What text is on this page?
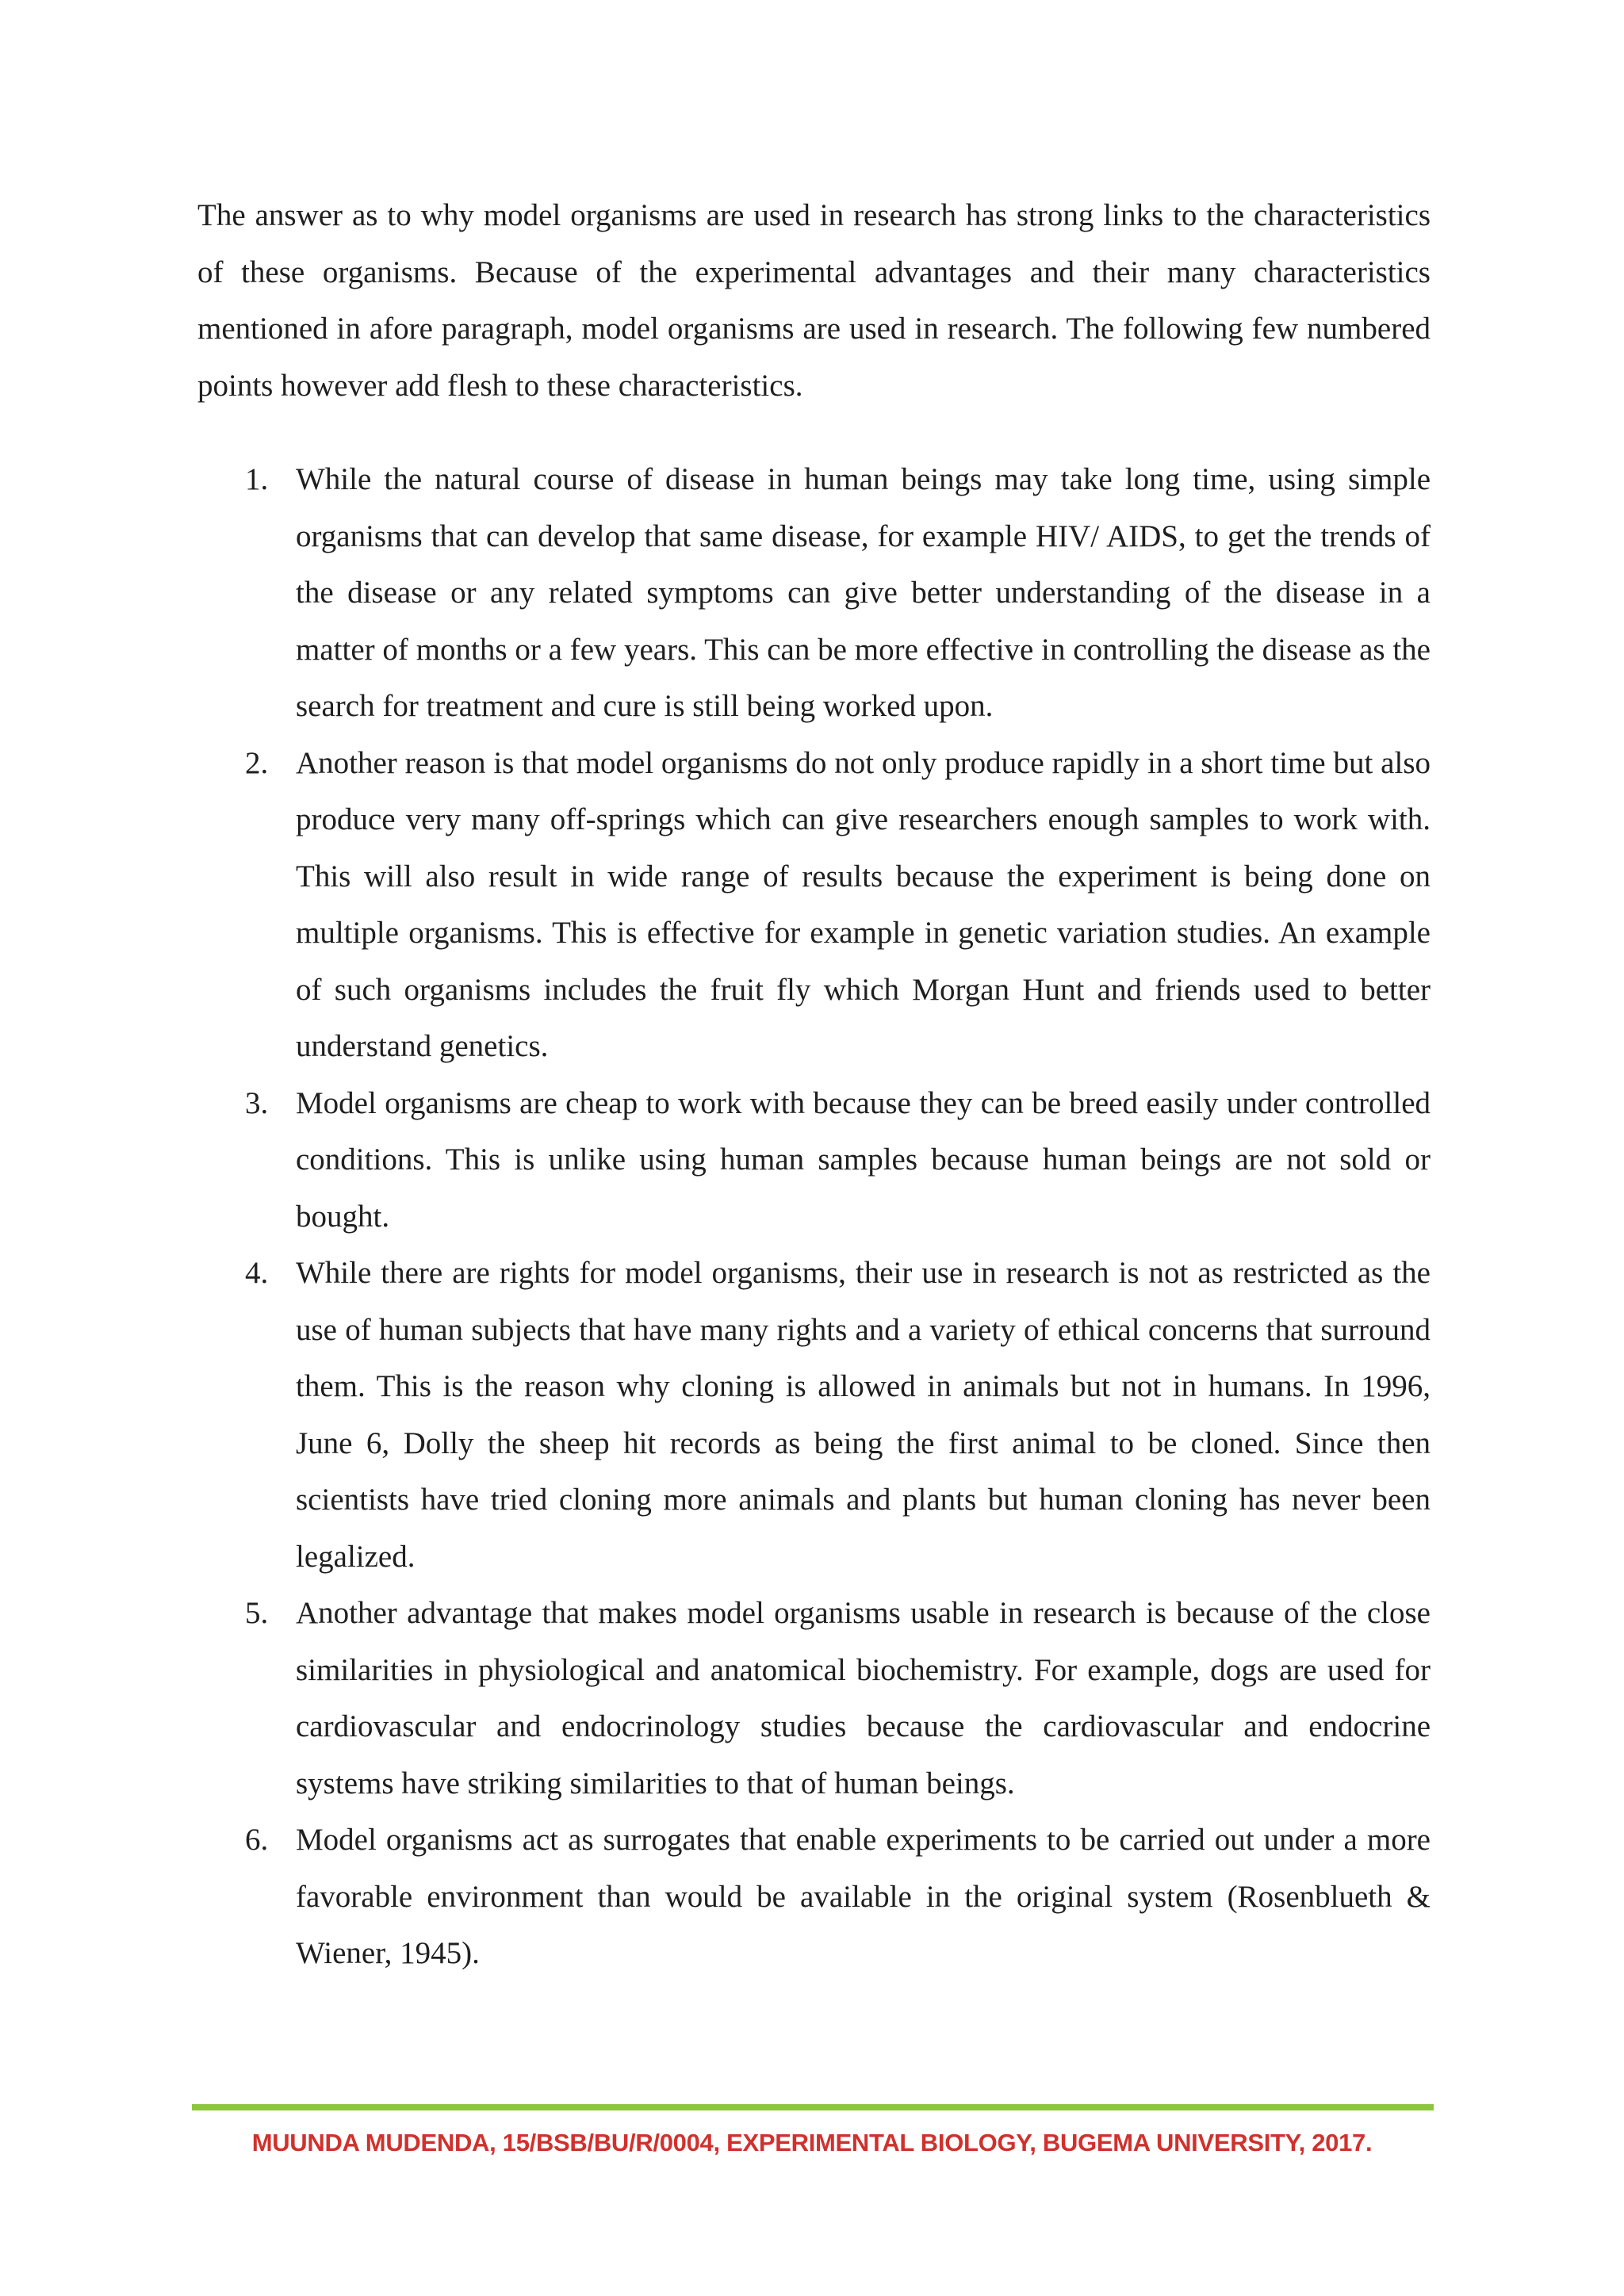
The answer as to why model organisms are used in research has strong links to the characteristics of these organisms. Because of the experimental advantages and their many characteristics mentioned in afore paragraph, model organisms are used in research. The following few numbered points however add flesh to these characteristics.

1. While the natural course of disease in human beings may take long time, using simple organisms that can develop that same disease, for example HIV/ AIDS, to get the trends of the disease or any related symptoms can give better understanding of the disease in a matter of months or a few years. This can be more effective in controlling the disease as the search for treatment and cure is still being worked upon.
2. Another reason is that model organisms do not only produce rapidly in a short time but also produce very many off-springs which can give researchers enough samples to work with. This will also result in wide range of results because the experiment is being done on multiple organisms. This is effective for example in genetic variation studies. An example of such organisms includes the fruit fly which Morgan Hunt and friends used to better understand genetics.
3. Model organisms are cheap to work with because they can be breed easily under controlled conditions. This is unlike using human samples because human beings are not sold or bought.
4. While there are rights for model organisms, their use in research is not as restricted as the use of human subjects that have many rights and a variety of ethical concerns that surround them. This is the reason why cloning is allowed in animals but not in humans. In 1996, June 6, Dolly the sheep hit records as being the first animal to be cloned. Since then scientists have tried cloning more animals and plants but human cloning has never been legalized.
5. Another advantage that makes model organisms usable in research is because of the close similarities in physiological and anatomical biochemistry. For example, dogs are used for cardiovascular and endocrinology studies because the cardiovascular and endocrine systems have striking similarities to that of human beings.
6. Model organisms act as surrogates that enable experiments to be carried out under a more favorable environment than would be available in the original system (Rosenblueth & Wiener, 1945).
MUUNDA MUDENDA, 15/BSB/BU/R/0004, EXPERIMENTAL BIOLOGY, BUGEMA UNIVERSITY, 2017.
